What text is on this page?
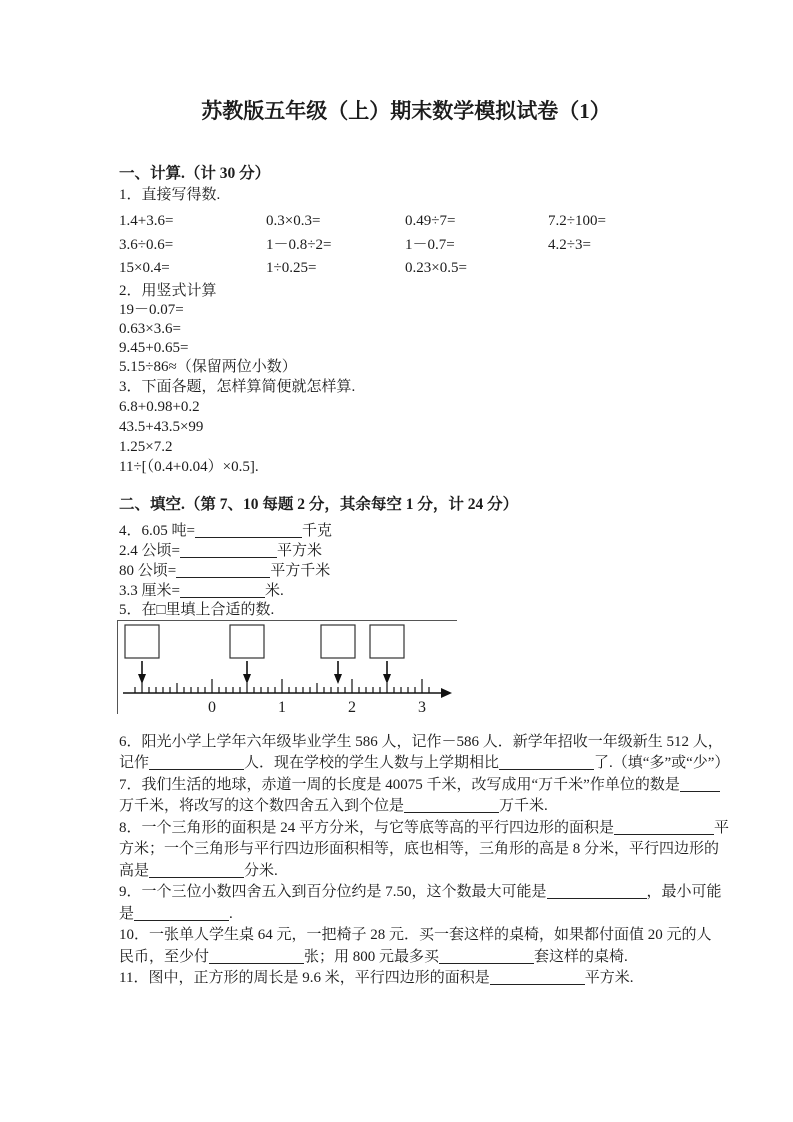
苏教版五年级（上）期末数学模拟试卷（1）
一、计算.（计 30 分）
1．直接写得数.
1.4+3.6=	0.3×0.3=	0.49÷7=	7.2÷100=
3.6÷0.6=	1－0.8÷2=	1－0.7=	4.2÷3=
15×0.4=	1÷0.25=	0.23×0.5=
2．用竖式计算
19－0.07=
0.63×3.6=
9.45+0.65=
5.15÷86≈（保留两位小数）
3．下面各题，怎样算简便就怎样算.
6.8+0.98+0.2
43.5+43.5×99
1.25×7.2
11÷[（0.4+0.04）×0.5].
二、填空.（第 7、10 每题 2 分，其余每空 1 分，计 24 分）
4．6.05 吨=	千克
2.4 公顷=	平方米
80 公顷=	平方千米
3.3 厘米=	米.
5．在□里填上合适的数.
0	1	2	3
6．阳光小学上学年六年级毕业学生 586 人，记作－586 人．新学年招收一年级新生 512 人，
记作	人．现在学校的学生人数与上学期相比	了.（填“多”或“少”）
7．我们生活的地球，赤道一周的长度是 40075 千米，改写成用“万千米”作单位的数是
万千米，将改写的这个数四舍五入到个位是	万千米.
8．一个三角形的面积是 24 平方分米，与它等底等高的平行四边形的面积是	平
方米；一个三角形与平行四边形面积相等，底也相等，三角形的高是 8 分米，平行四边形的
高是	分米.
9．一个三位小数四舍五入到百分位约是 7.50，这个数最大可能是	，最小可能
是	.
10．一张单人学生桌 64 元，一把椅子 28 元．买一套这样的桌椅，如果都付面值 20 元的人
民币，至少付	张；用 800 元最多买	套这样的桌椅.
11．图中，正方形的周长是 9.6 米，平行四边形的面积是	平方米.
